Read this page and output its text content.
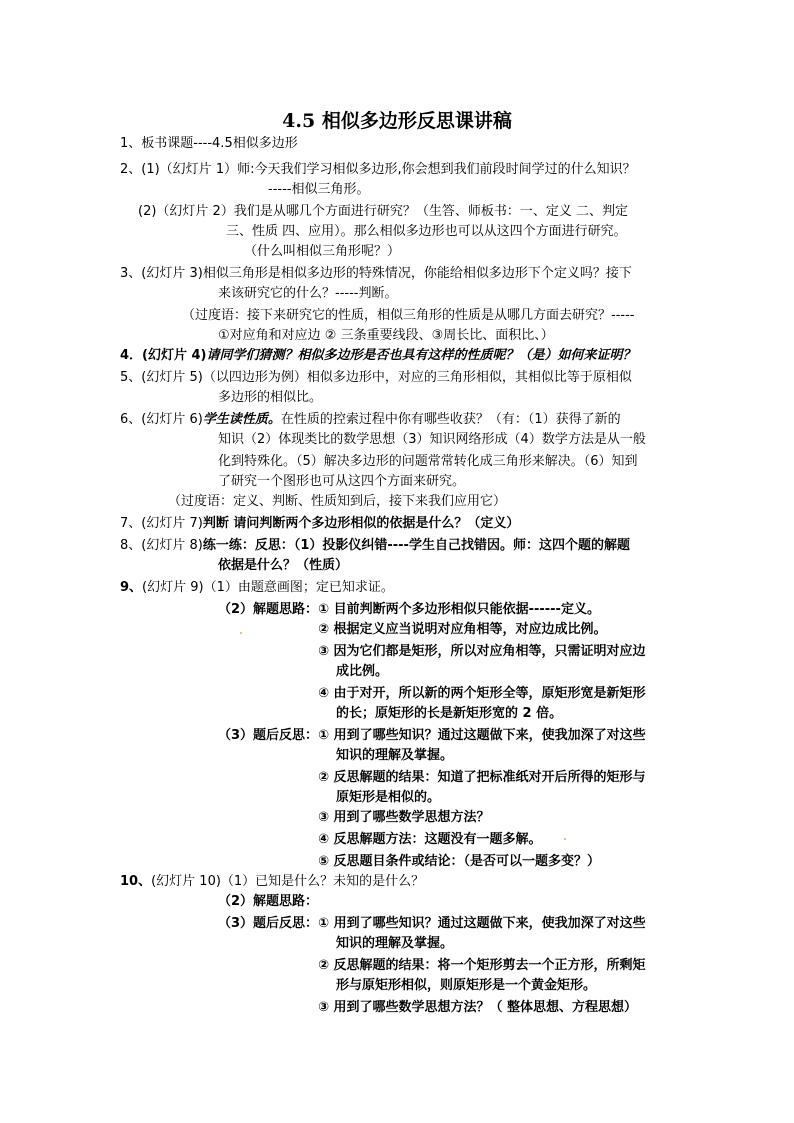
4.5 相似多边形反思课讲稿
1、板书课题----4.5相似多边形
2、(1)（幻灯片 1）师:今天我们学习相似多边形,你会想到我们前段时间学过的什么知识？
-----相似三角形。
(2)（幻灯片 2）我们是从哪几个方面进行研究？（生答、师板书：一、定义 二、判定
三、性质 四、应用）。那么相似多边形也可以从这四个方面进行研究。
（什么叫相似三角形呢？）
3、(幻灯片 3)相似三角形是相似多边形的特殊情况，你能给相似多边形下个定义吗？接下
来该研究它的什么？-----判断。
（过度语：接下来研究它的性质，相似三角形的性质是从哪几方面去研究？-----
①对应角和对应边 ② 三条重要线段、③周长比、面积比、）
4．(幻灯片 4)请同学们猜测？相似多边形是否也具有这样的性质呢？（是）如何来证明？
5、(幻灯片 5)（以四边形为例）相似多边形中，对应的三角形相似，其相似比等于原相似
多边形的相似比。
6、(幻灯片 6)学生读性质。在性质的控索过程中你有哪些收获？（有：（1）获得了新的
知识（2）体现类比的数学思想（3）知识网络形成（4）数学方法是从一般
化到特殊化。（5）解决多边形的问题常常转化成三角形来解决。（6）知到
了研究一个图形也可从这四个方面来研究。
（过度语：定义、判断、性质知到后，接下来我们应用它）
7、(幻灯片 7)判断 请问判断两个多边形相似的依据是什么？（定义）
8、(幻灯片 8)练一练：反思：（1）投影仪纠错----学生自己找错因。师：这四个题的解题
依据是什么？（性质）
9、(幻灯片 9)（1）由题意画图；定已知求证。
（2）解题思路：① 目前判断两个多边形相似只能依据------定义。
② 根据定义应当说明对应角相等，对应边成比例。
③ 因为它们都是矩形，所以对应角相等，只需证明对应边
成比例。
④ 由于对开，所以新的两个矩形全等，原矩形宽是新矩形
的长；原矩形的长是新矩形宽的 2 倍。
（3）题后反思：① 用到了哪些知识？通过这题做下来，使我加深了对这些
知识的理解及掌握。
② 反思解题的结果：知道了把标准纸对开后所得的矩形与
原矩形是相似的。
③ 用到了哪些数学思想方法？
④ 反思解题方法：这题没有一题多解。
⑤ 反思题目条件或结论：（是否可以一题多变？）
10、(幻灯片 10)（1）已知是什么？未知的是什么？
（2）解题思路：
（3）题后反思：① 用到了哪些知识？通过这题做下来，使我加深了对这些
知识的理解及掌握。
② 反思解题的结果：将一个矩形剪去一个正方形，所剩矩
形与原矩形相似，则原矩形是一个黄金矩形。
③ 用到了哪些数学思想方法？（ 整体思想、方程思想）
